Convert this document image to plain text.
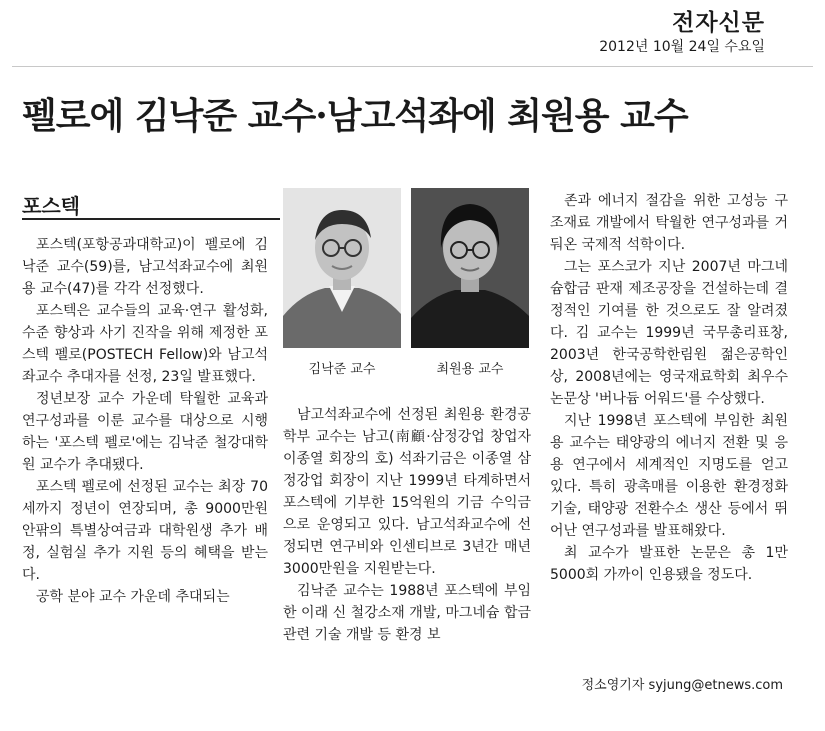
전자신문
2012년 10월 24일 수요일
펠로에 김낙준 교수·남고석좌에 최원용 교수
포스텍

포스텍(포항공과대학교)이 펠로에 김낙준 교수(59)를, 남고석좌교수에 최원용 교수(47)를 각각 선정했다.

포스텍은 교수들의 교육·연구 활성화, 수준 향상과 사기 진작을 위해 제정한 포스텍 펠로(POSTECH Fellow)와 남고석좌교수 추대자를 선정, 23일 발표했다.

정년보장 교수 가운데 탁월한 교육과 연구성과를 이룬 교수를 대상으로 시행하는 '포스텍 펠로'에는 김낙준 철강대학원 교수가 추대됐다.

포스텍 펠로에 선정된 교수는 최장 70세까지 정년이 연장되며, 총 9000만원 안팎의 특별상여금과 대학원생 추가 배정, 실험실 추가 지원 등의 혜택을 받는다.

공학 분야 교수 가운데 추대되는

김낙준 교수	최원용 교수

남고석좌교수에 선정된 최원용 환경공학부 교수는 남고(南顧·삼정강업 창업자 이종열 회장의 호) 석좌기금은 이종열 삼정강업 회장이 지난 1999년 타계하면서 포스텍에 기부한 15억원의 기금 수익금으로 운영되고 있다. 남고석좌교수에 선정되면 연구비와 인센티브로 3년간 매년 3000만원을 지원받는다.

김낙준 교수는 1988년 포스텍에 부임한 이래 신 철강소재 개발, 마그네슘 합금 관련 기술 개발 등 환경 보

존과 에너지 절감을 위한 고성능 구조재료 개발에서 탁월한 연구성과를 거둬온 국제적 석학이다.

그는 포스코가 지난 2007년 마그네슘합금 판재 제조공장을 건설하는데 결정적인 기여를 한 것으로도 잘 알려졌다. 김 교수는 1999년 국무총리표창, 2003년 한국공학한림원 젊은공학인상, 2008년에는 영국재료학회 최우수 논문상 '버나듐 어워드'를 수상했다.

지난 1998년 포스텍에 부임한 최원용 교수는 태양광의 에너지 전환 및 응용 연구에서 세계적인 지명도를 얻고 있다. 특히 광촉매를 이용한 환경정화 기술, 태양광 전환수소 생산 등에서 뛰어난 연구성과를 발표해왔다.

최 교수가 발표한 논문은 총 1만 5000회 가까이 인용됐을 정도다.

정소영기자 syjung@etnews.com
